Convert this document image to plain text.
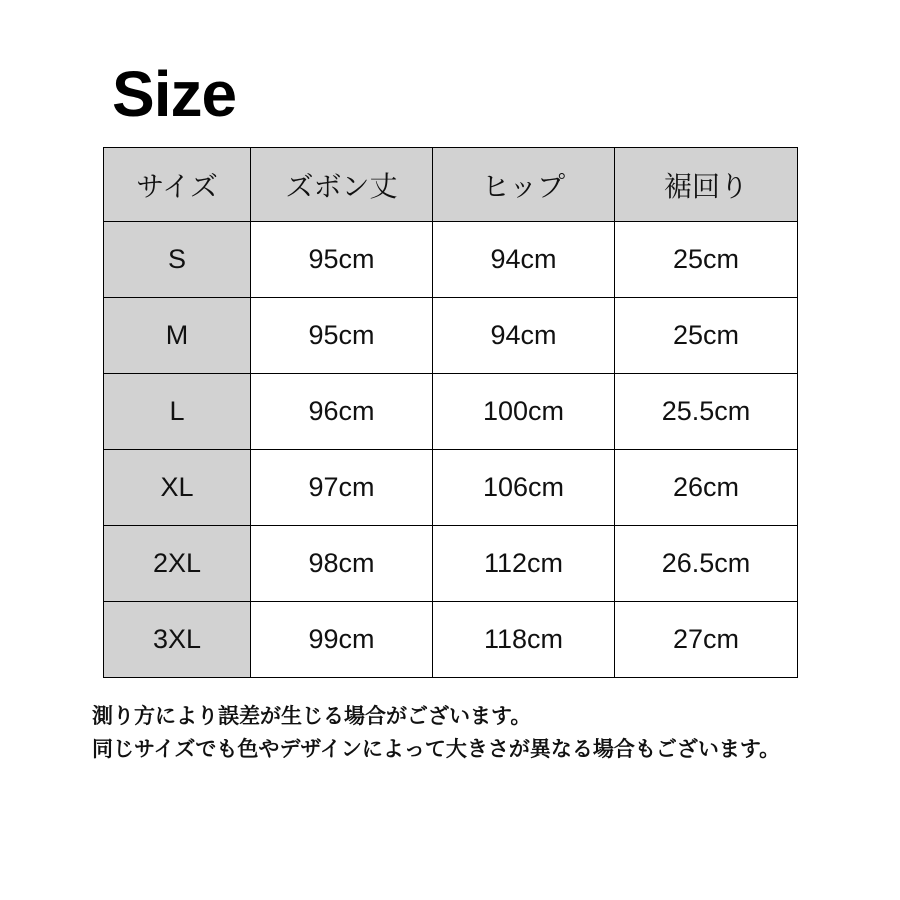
Size
サイズ	ズボン丈	ヒップ	裾回り
S	95cm	94cm	25cm
M	95cm	94cm	25cm
L	96cm	100cm	25.5cm
XL	97cm	106cm	26cm
2XL	98cm	112cm	26.5cm
3XL	99cm	118cm	27cm
測り方により誤差が生じる場合がございます。
同じサイズでも色やデザインによって大きさが異なる場合もございます。
